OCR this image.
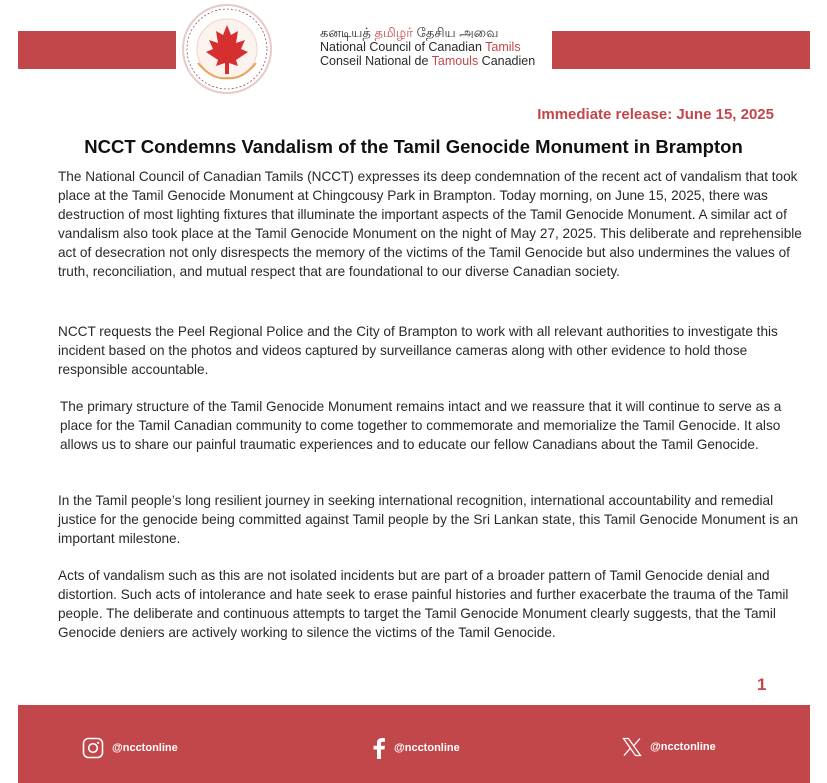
கனடியத் தமிழர் தேசிய அவை
National Council of Canadian Tamils
Conseil National de Tamouls Canadien
Immediate release: June 15, 2025
NCCT Condemns Vandalism of the Tamil Genocide Monument in Brampton
The National Council of Canadian Tamils (NCCT) expresses its deep condemnation of the recent act of vandalism that took place at the Tamil Genocide Monument at Chingcousy Park in Brampton. Today morning, on June 15, 2025, there was destruction of most lighting fixtures that illuminate the important aspects of the Tamil Genocide Monument. A similar act of vandalism also took place at the Tamil Genocide Monument on the night of May 27, 2025. This deliberate and reprehensible act of desecration not only disrespects the memory of the victims of the Tamil Genocide but also undermines the values of truth, reconciliation, and mutual respect that are foundational to our diverse Canadian society.
NCCT requests the Peel Regional Police and the City of Brampton to work with all relevant authorities to investigate this incident based on the photos and videos captured by surveillance cameras along with other evidence to hold those responsible accountable.
The primary structure of the Tamil Genocide Monument remains intact and we reassure that it will continue to serve as a place for the Tamil Canadian community to come together to commemorate and memorialize the Tamil Genocide. It also allows us to share our painful traumatic experiences and to educate our fellow Canadians about the Tamil Genocide.
In the Tamil people’s long resilient journey in seeking international recognition, international accountability and remedial justice for the genocide being committed against Tamil people by the Sri Lankan state, this Tamil Genocide Monument is an important milestone.
Acts of vandalism such as this are not isolated incidents but are part of a broader pattern of Tamil Genocide denial and distortion. Such acts of intolerance and hate seek to erase painful histories and further exacerbate the trauma of the Tamil people. The deliberate and continuous attempts to target the Tamil Genocide Monument clearly suggests, that the Tamil Genocide deniers are actively working to silence the victims of the Tamil Genocide.
1
@ncctonline	@ncctonline	@ncctonline
